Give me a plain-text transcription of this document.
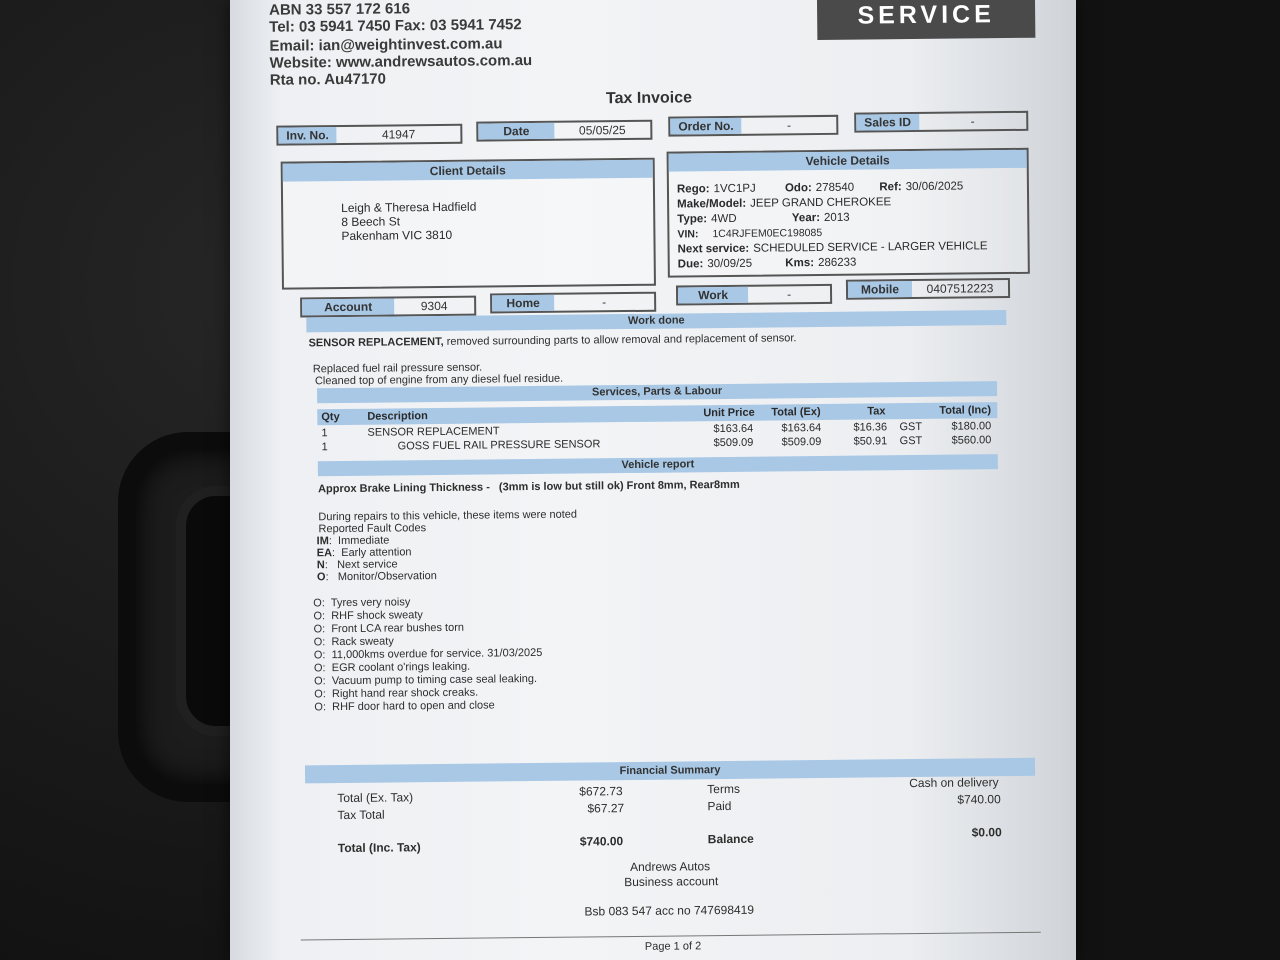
ABN 33 557 172 616
Tel: 03 5941 7450 Fax: 03 5941 7452
Email: ian@weightinvest.com.au
Website: www.andrewsautos.com.au
Rta no. Au47170
SERVICE
Tax Invoice
Inv. No.	41947	Date	05/05/25	Order No.	-	Sales ID	-
Client Details
Leigh & Theresa Hadfield
8 Beech St
Pakenham VIC 3810
Account	9304	Home	-
Vehicle Details
Rego: 1VC1PJ	Odo: 278540 Ref: 30/06/2025
Make/Model: JEEP GRAND CHEROKEE
Type: 4WD	Year: 2013
VIN: 1C4RJFEM0EC198085
Next service: SCHEDULED SERVICE - LARGER VEHICLE
Due: 30/09/25	Kms: 286233
Work	-	Mobile	0407512223
Work done
SENSOR REPLACEMENT, removed surrounding parts to allow removal and replacement of sensor.
Replaced fuel rail pressure sensor.
Cleaned top of engine from any diesel fuel residue.
Services, Parts & Labour
Qty	Description	Unit Price Total (Ex)	Tax	Total (Inc)
1	SENSOR REPLACEMENT	$163.64	$163.64	$16.36 GST	$180.00
1	GOSS FUEL RAIL PRESSURE SENSOR	$509.09	$509.09	$50.91 GST	$560.00
Vehicle report
Approx Brake Lining Thickness - (3mm is low but still ok) Front 8mm, Rear8mm
During repairs to this vehicle, these items were noted
Reported Fault Codes
IM:  Immediate
EA:  Early attention
N:   Next service
O:   Monitor/Observation
O: Tyres very noisy
O: RHF shock sweaty
O: Front LCA rear bushes torn
O: Rack sweaty
O: 11,000kms overdue for service. 31/03/2025
O: EGR coolant o'rings leaking.
O: Vacuum pump to timing case seal leaking.
O: Right hand rear shock creaks.
O: RHF door hard to open and close
Financial Summary
Total (Ex. Tax)	$672.73
Tax Total	$67.27
Total (Inc. Tax)	$740.00
Terms	Cash on delivery
Paid	$740.00
Balance	$0.00
Andrews Autos
Business account
Bsb 083 547 acc no 747698419
Page 1 of 2
